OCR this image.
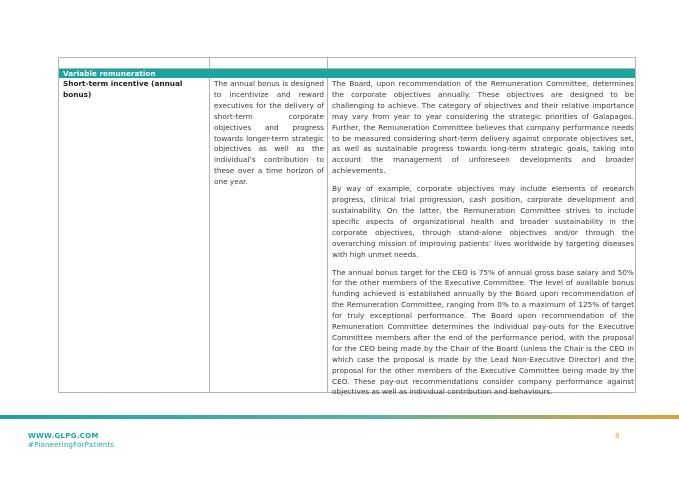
Variable remuneration
Short-term incentive (annual bonus)
The annual bonus is designed to incentivize and reward executives for the delivery of short-term corporate objectives and progress towards longer-term strategic objectives as well as the individual’s contribution to these over a time horizon of one year.

The Board, upon recommendation of the Remuneration Committee, determines the corporate objectives annually. These objectives are designed to be challenging to achieve. The category of objectives and their relative importance may vary from year to year considering the strategic priorities of Galapagos. Further, the Remuneration Committee believes that company performance needs to be measured considering short-term delivery against corporate objectives set, as well as sustainable progress towards long-term strategic goals, taking into account the management of unforeseen developments and broader achievements.

By way of example, corporate objectives may include elements of research progress, clinical trial progression, cash position, corporate development and sustainability. On the latter, the Remuneration Committee strives to include specific aspects of organizational health and broader sustainability in the corporate objectives, through stand-alone objectives and/or through the overarching mission of improving patients’ lives worldwide by targeting diseases with high unmet needs.

The annual bonus target for the CEO is 75% of annual gross base salary and 50% for the other members of the Executive Committee. The level of available bonus funding achieved is established annually by the Board upon recommendation of the Remuneration Committee, ranging from 0% to a maximum of 125% of target for truly exceptional performance. The Board upon recommendation of the Remuneration Committee determines the individual pay-outs for the Executive Committee members after the end of the performance period, with the proposal for the CEO being made by the Chair of the Board (unless the Chair is the CEO in which case the proposal is made by the Lead Non-Executive Director) and the proposal for the other members of the Executive Committee being made by the CEO. These pay-out recommendations consider company performance against objectives as well as individual contribution and behaviours.

WWW.GLPG.COM
#PioneeringForPatients
8
